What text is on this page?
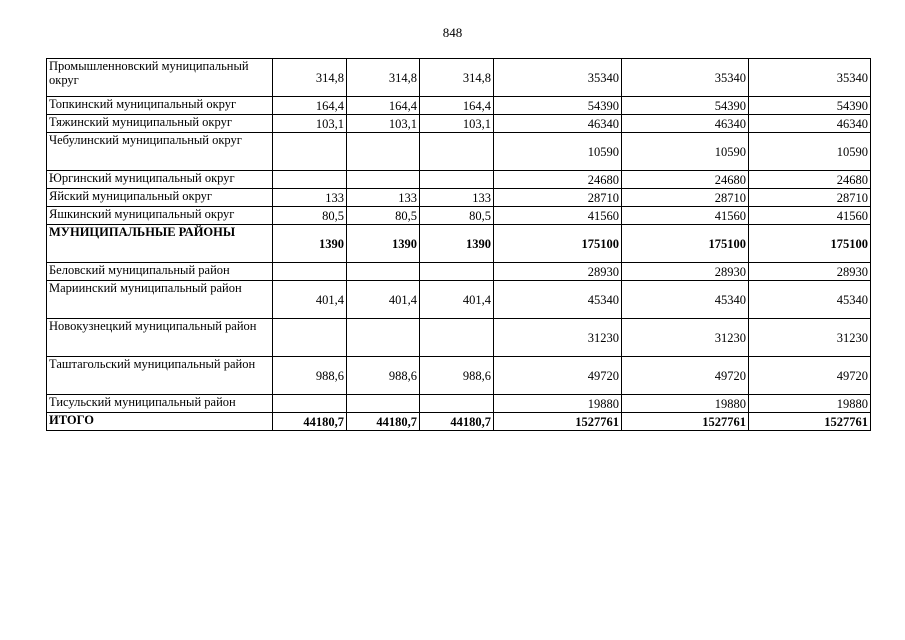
848
Промышленновский муниципальный округ	314,8	314,8	314,8	35340	35340	35340
Топкинский муниципальный округ	164,4	164,4	164,4	54390	54390	54390
Тяжинский муниципальный округ	103,1	103,1	103,1	46340	46340	46340
Чебулинский муниципальный округ				10590	10590	10590
Юргинский муниципальный округ				24680	24680	24680
Яйский муниципальный округ	133	133	133	28710	28710	28710
Яшкинский муниципальный округ	80,5	80,5	80,5	41560	41560	41560
МУНИЦИПАЛЬНЫЕ РАЙОНЫ	1390	1390	1390	175100	175100	175100
Беловский муниципальный район				28930	28930	28930
Мариинский муниципальный район	401,4	401,4	401,4	45340	45340	45340
Новокузнецкий муниципальный район				31230	31230	31230
Таштагольский муниципальный район	988,6	988,6	988,6	49720	49720	49720
Тисульский муниципальный район				19880	19880	19880
ИТОГО	44180,7	44180,7	44180,7	1527761	1527761	1527761
